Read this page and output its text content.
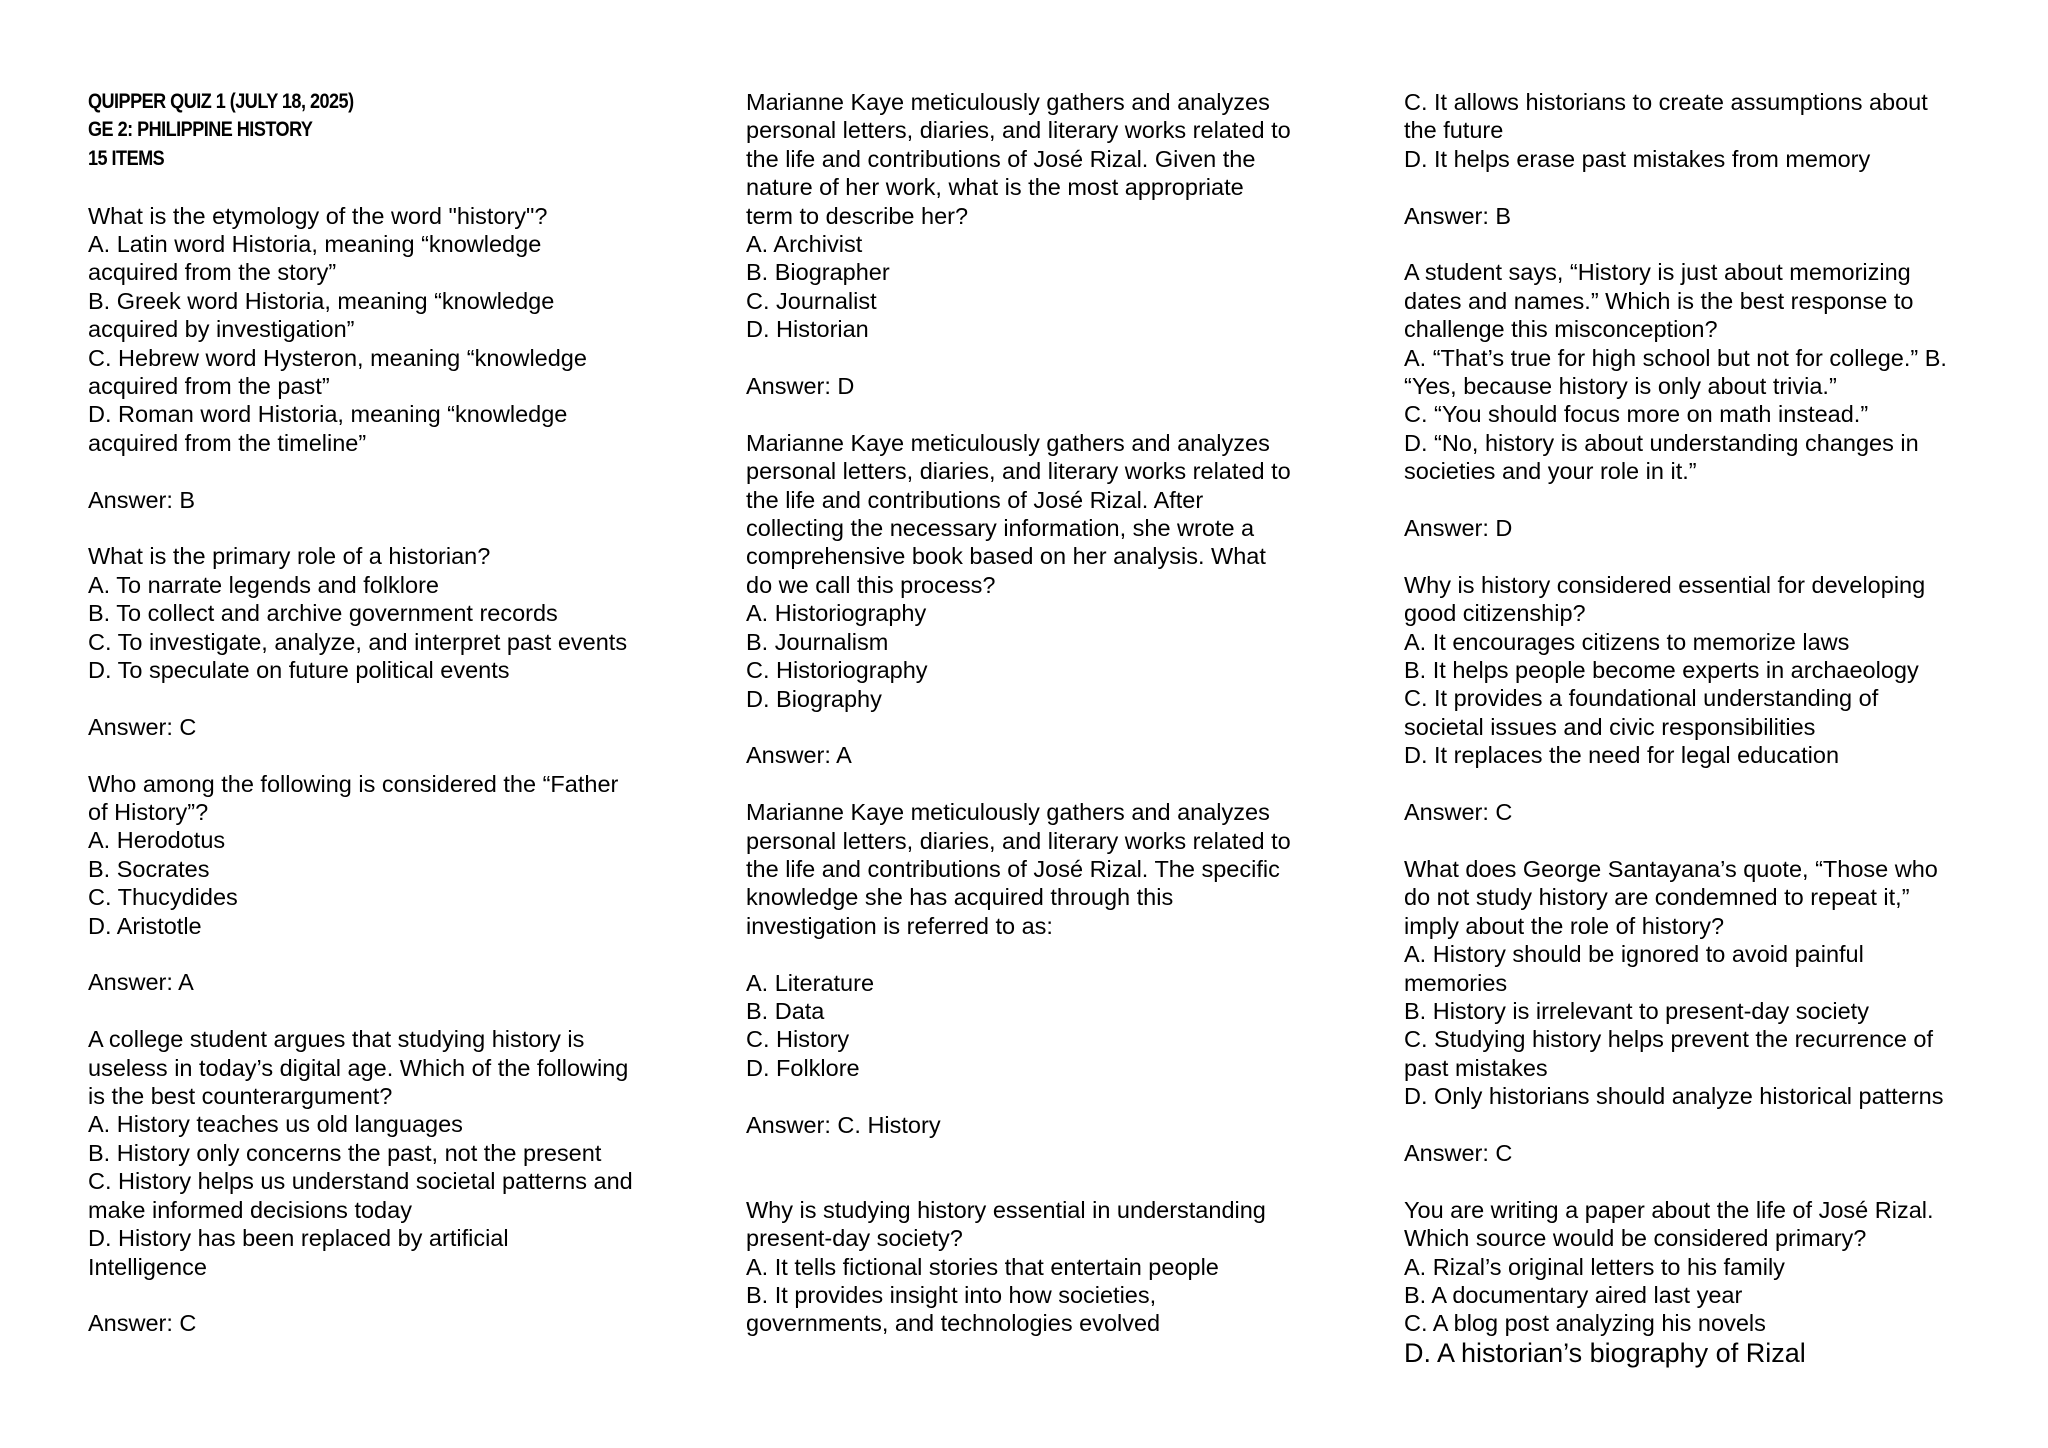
QUIPPER QUIZ 1 (JULY 18, 2025)
GE 2: PHILIPPINE HISTORY
15 ITEMS
What is the etymology of the word "history"?
A. Latin word Historia, meaning “knowledge
acquired from the story”
B. Greek word Historia, meaning “knowledge
acquired by investigation”
C. Hebrew word Hysteron, meaning “knowledge
acquired from the past”
D. Roman word Historia, meaning “knowledge
acquired from the timeline”
Answer: B
What is the primary role of a historian?
A. To narrate legends and folklore
B. To collect and archive government records
C. To investigate, analyze, and interpret past events
D. To speculate on future political events
Answer: C
Who among the following is considered the “Father
of History”?
A. Herodotus
B. Socrates
C. Thucydides
D. Aristotle
Answer: A
A college student argues that studying history is
useless in today’s digital age. Which of the following
is the best counterargument?
A. History teaches us old languages
B. History only concerns the past, not the present
C. History helps us understand societal patterns and
make informed decisions today
D. History has been replaced by artificial
Intelligence
Answer: C
Marianne Kaye meticulously gathers and analyzes
personal letters, diaries, and literary works related to
the life and contributions of José Rizal. Given the
nature of her work, what is the most appropriate
term to describe her?
A. Archivist
B. Biographer
C. Journalist
D. Historian
Answer: D
Marianne Kaye meticulously gathers and analyzes
personal letters, diaries, and literary works related to
the life and contributions of José Rizal. After
collecting the necessary information, she wrote a
comprehensive book based on her analysis. What
do we call this process?
A. Historiography
B. Journalism
C. Historiography
D. Biography
Answer: A
Marianne Kaye meticulously gathers and analyzes
personal letters, diaries, and literary works related to
the life and contributions of José Rizal. The specific
knowledge she has acquired through this
investigation is referred to as:
A. Literature
B. Data
C. History
D. Folklore
Answer: C. History
Why is studying history essential in understanding
present-day society?
A. It tells fictional stories that entertain people
B. It provides insight into how societies,
governments, and technologies evolved
C. It allows historians to create assumptions about
the future
D. It helps erase past mistakes from memory
Answer: B
A student says, “History is just about memorizing
dates and names.” Which is the best response to
challenge this misconception?
A. “That’s true for high school but not for college.” B.
“Yes, because history is only about trivia.”
C. “You should focus more on math instead.”
D. “No, history is about understanding changes in
societies and your role in it.”
Answer: D
Why is history considered essential for developing
good citizenship?
A. It encourages citizens to memorize laws
B. It helps people become experts in archaeology
C. It provides a foundational understanding of
societal issues and civic responsibilities
D. It replaces the need for legal education
Answer: C
What does George Santayana’s quote, “Those who
do not study history are condemned to repeat it,”
imply about the role of history?
A. History should be ignored to avoid painful
memories
B. History is irrelevant to present-day society
C. Studying history helps prevent the recurrence of
past mistakes
D. Only historians should analyze historical patterns
Answer: C
You are writing a paper about the life of José Rizal.
Which source would be considered primary?
A. Rizal’s original letters to his family
B. A documentary aired last year
C. A blog post analyzing his novels
D. A historian’s biography of Rizal
